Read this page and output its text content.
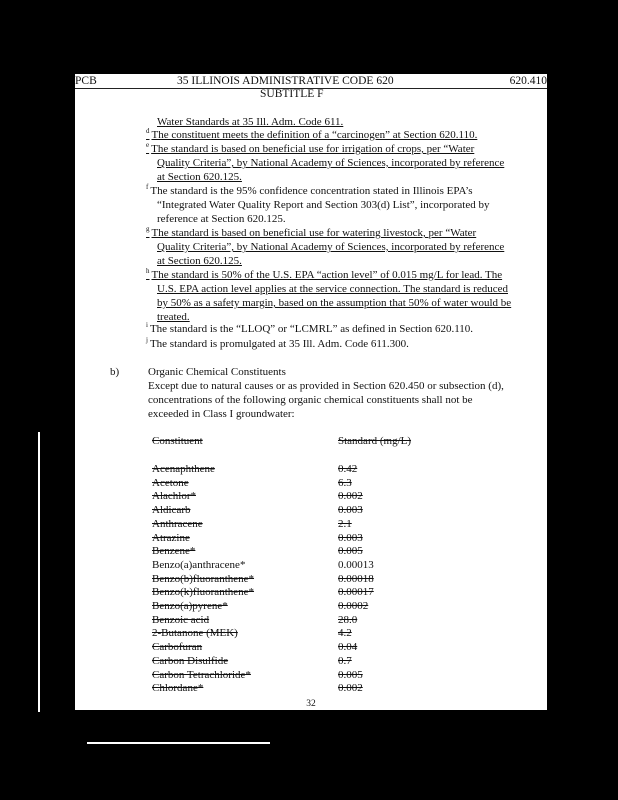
PCB	35 ILLINOIS ADMINISTRATIVE CODE 620	620.410
SUBTITLE F
Water Standards at 35 Ill. Adm. Code 611.
$^d$ The constituent meets the definition of a “carcinogen” at Section 620.110.
$^e$ The standard is based on beneficial use for irrigation of crops, per “Water
Quality Criteria”, by National Academy of Sciences, incorporated by reference
at Section 620.125.
$^f$ The standard is the 95% confidence concentration stated in Illinois EPA’s
“Integrated Water Quality Report and Section 303(d) List”, incorporated by
reference at Section 620.125.
$^g$ The standard is based on beneficial use for watering livestock, per “Water
Quality Criteria”, by National Academy of Sciences, incorporated by reference
at Section 620.125.
$^h$ The standard is 50% of the U.S. EPA “action level” of 0.015 mg/L for lead. The
U.S. EPA action level applies at the service connection. The standard is reduced
by 50% as a safety margin, based on the assumption that 50% of water would be
treated.
$^i$ The standard is the “LLOQ” or “LCMRL” as defined in Section 620.110.
$^j$ The standard is promulgated at 35 Ill. Adm. Code 611.300.
b)	Organic Chemical Constituents
Except due to natural causes or as provided in Section 620.450 or subsection (d),
concentrations of the following organic chemical constituents shall not be
exceeded in Class I groundwater:
Constituent	Standard (mg/L)
Acenaphthene	0.42
Acetone	6.3
Alachlor*	0.002
Aldicarb	0.003
Anthracene	2.1
Atrazine	0.003
Benzene*	0.005
Benzo(a)anthracene*	0.00013
Benzo(b)fluoranthene*	0.00018
Benzo(k)fluoranthene*	0.00017
Benzo(a)pyrene*	0.0002
Benzoic acid	28.0
2-Butanone (MEK)	4.2
Carbofuran	0.04
Carbon Disulfide	0.7
Carbon Tetrachloride*	0.005
Chlordane*	0.002
32
